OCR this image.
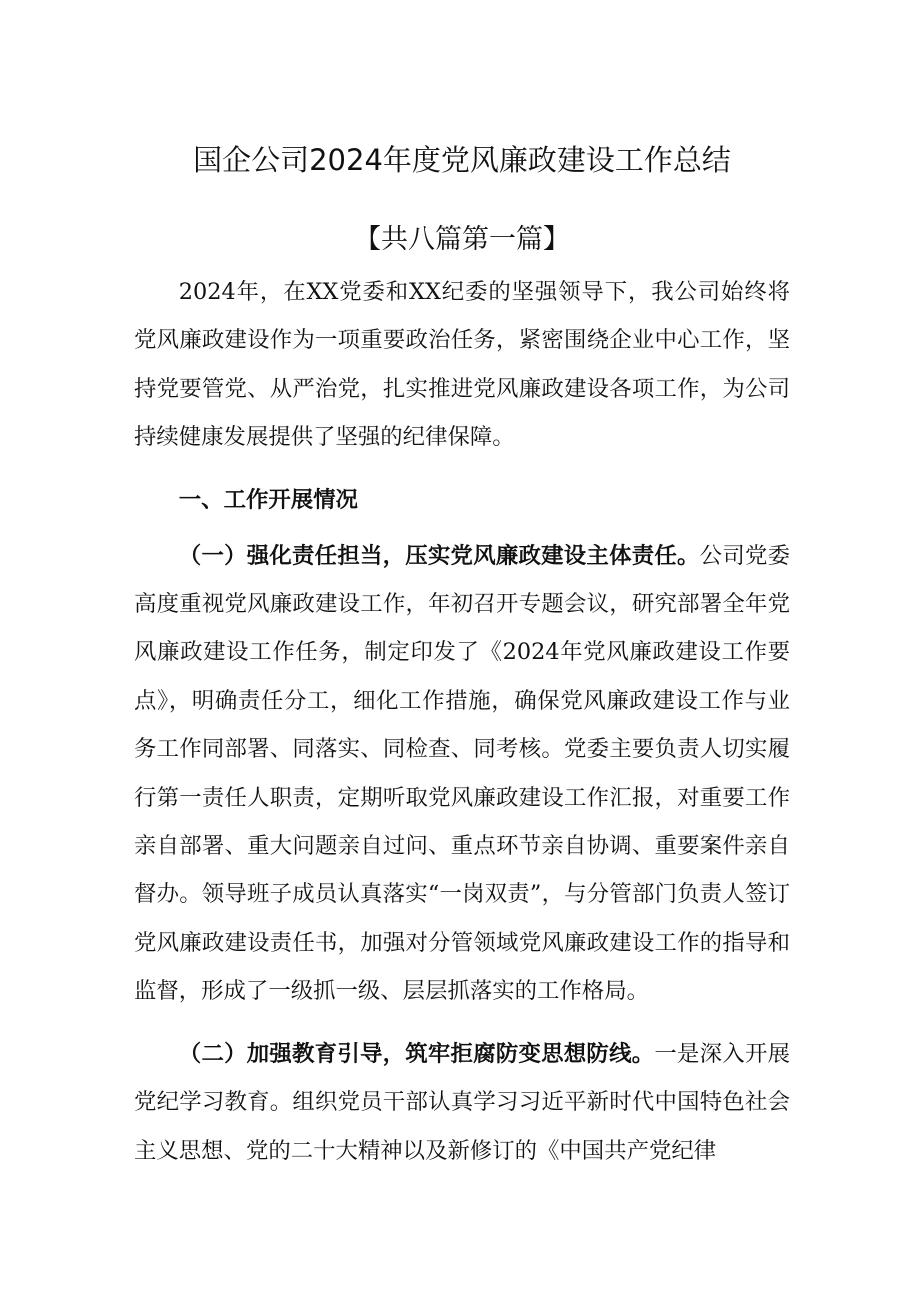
国企公司2024年度党风廉政建设工作总结
【共八篇第一篇】

2024年，在XX党委和XX纪委的坚强领导下，我公司始终将党风廉政建设作为一项重要政治任务，紧密围绕企业中心工作，坚持党要管党、从严治党，扎实推进党风廉政建设各项工作，为公司持续健康发展提供了坚强的纪律保障。

一、工作开展情况

（一）强化责任担当，压实党风廉政建设主体责任。公司党委高度重视党风廉政建设工作，年初召开专题会议，研究部署全年党风廉政建设工作任务，制定印发了《2024年党风廉政建设工作要点》，明确责任分工，细化工作措施，确保党风廉政建设工作与业务工作同部署、同落实、同检查、同考核。党委主要负责人切实履行第一责任人职责，定期听取党风廉政建设工作汇报，对重要工作亲自部署、重大问题亲自过问、重点环节亲自协调、重要案件亲自督办。领导班子成员认真落实“一岗双责”，与分管部门负责人签订党风廉政建设责任书，加强对分管领域党风廉政建设工作的指导和监督，形成了一级抓一级、层层抓落实的工作格局。

（二）加强教育引导，筑牢拒腐防变思想防线。一是深入开展党纪学习教育。组织党员干部认真学习习近平新时代中国特色社会主义思想、党的二十大精神以及新修订的《中国共产党纪律
